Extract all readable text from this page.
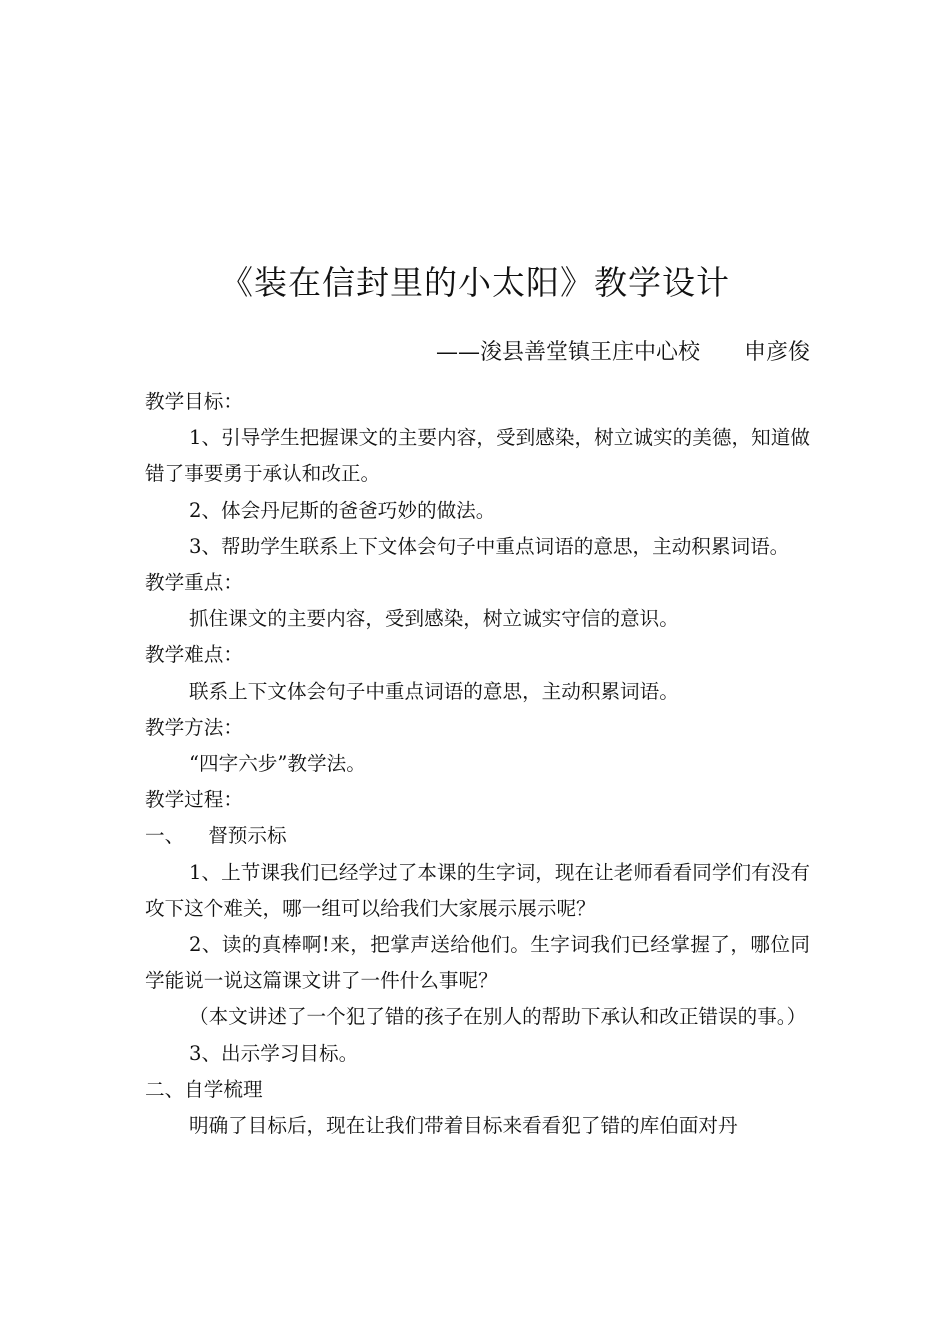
《装在信封里的小太阳》教学设计
——浚县善堂镇王庄中心校 申彦俊

教学目标：

1、引导学生把握课文的主要内容，受到感染，树立诚实的美德，知道做错了事要勇于承认和改正。

2、体会丹尼斯的爸爸巧妙的做法。

3、帮助学生联系上下文体会句子中重点词语的意思，主动积累词语。

教学重点：

抓住课文的主要内容，受到感染，树立诚实守信的意识。

教学难点：

联系上下文体会句子中重点词语的意思，主动积累词语。

教学方法：

“四字六步”教学法。

教学过程：

一、 督预示标

1、上节课我们已经学过了本课的生字词，现在让老师看看同学们有没有攻下这个难关，哪一组可以给我们大家展示展示呢？

2、读的真棒啊!来，把掌声送给他们。生字词我们已经掌握了，哪位同学能说一说这篇课文讲了一件什么事呢？

（本文讲述了一个犯了错的孩子在别人的帮助下承认和改正错误的事。）

3、出示学习目标。

二、自学梳理

明确了目标后，现在让我们带着目标来看看犯了错的库伯面对丹
